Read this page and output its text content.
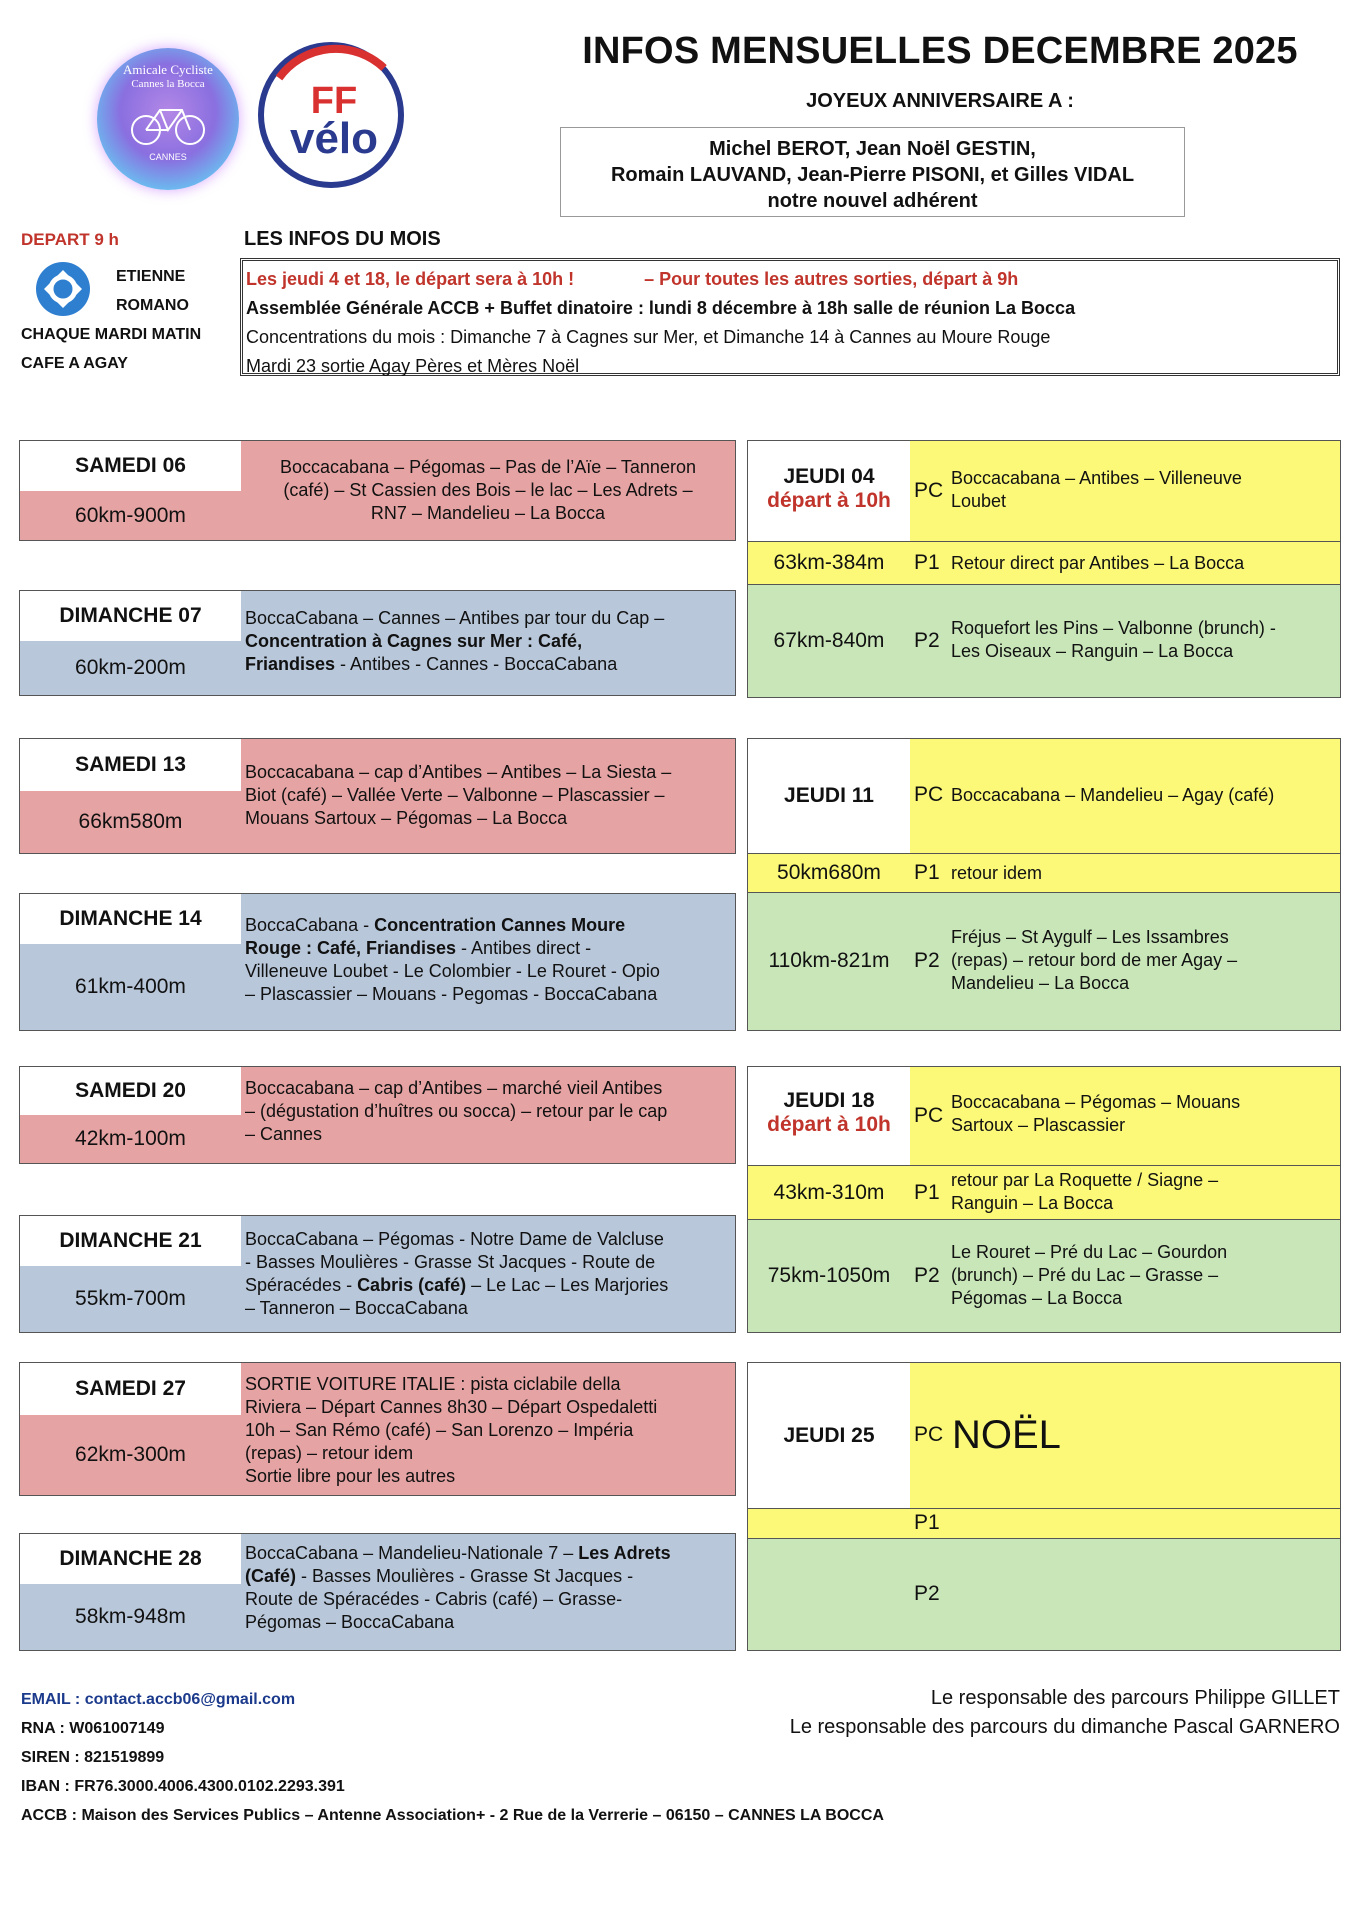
INFOS MENSUELLES DECEMBRE 2025
JOYEUX ANNIVERSAIRE A :
Michel BEROT, Jean Noël GESTIN,
Romain LAUVAND, Jean-Pierre PISONI, et Gilles VIDAL
notre nouvel adhérent
Amicale Cycliste
Cannes la Bocca
CANNES
FF
vélo
DEPART 9 h	LES INFOS DU MOIS
ETIENNE
ROMANO
CHAQUE MARDI MATIN
CAFE A AGAY
Les jeudi 4 et 18, le départ sera à 10h !	– Pour toutes les autres sorties, départ à 9h
Assemblée Générale ACCB + Buffet dinatoire : lundi 8 décembre à 18h salle de réunion La Bocca
Concentrations du mois : Dimanche 7 à Cagnes sur Mer, et Dimanche 14 à Cannes au Moure Rouge
Mardi 23 sortie Agay Pères et Mères Noël
SAMEDI 06
60km-900m
Boccacabana – Pégomas – Pas de l’Aïe – Tanneron
(café) – St Cassien des Bois – le lac – Les Adrets –
RN7 – Mandelieu – La Bocca
DIMANCHE 07
60km-200m
BoccaCabana – Cannes – Antibes par tour du Cap –
Concentration à Cagnes sur Mer : Café,
Friandises - Antibes - Cannes - BoccaCabana
SAMEDI 13
66km580m
Boccacabana – cap d’Antibes – Antibes – La Siesta –
Biot (café) – Vallée Verte – Valbonne – Plascassier –
Mouans Sartoux – Pégomas – La Bocca
DIMANCHE 14
61km-400m
BoccaCabana - Concentration Cannes Moure
Rouge : Café, Friandises - Antibes direct -
Villeneuve Loubet - Le Colombier - Le Rouret - Opio
– Plascassier – Mouans - Pegomas - BoccaCabana
SAMEDI 20
42km-100m
Boccacabana – cap d’Antibes – marché vieil Antibes
– (dégustation d’huîtres ou socca) – retour par le cap
– Cannes
DIMANCHE 21
55km-700m
BoccaCabana – Pégomas - Notre Dame de Valcluse
- Basses Moulières - Grasse St Jacques - Route de
Spéracédes - Cabris (café) – Le Lac – Les Marjories
– Tanneron – BoccaCabana
SAMEDI 27
62km-300m
SORTIE VOITURE ITALIE : pista ciclabile della
Riviera – Départ Cannes 8h30 – Départ Ospedaletti
10h – San Rémo (café) – San Lorenzo – Impéria
(repas) – retour idem
Sortie libre pour les autres
DIMANCHE 28
58km-948m
BoccaCabana – Mandelieu-Nationale 7 – Les Adrets
(Café) - Basses Moulières - Grasse St Jacques -
Route de Spéracédes - Cabris (café) – Grasse-
Pégomas – BoccaCabana
JEUDI 04
départ à 10h	PC
Boccacabana – Antibes – Villeneuve
Loubet
63km-384m	P1 Retour direct par Antibes – La Bocca
67km-840m	P2
Roquefort les Pins – Valbonne (brunch) -
Les Oiseaux – Ranguin – La Bocca
JEUDI 11	PC Boccacabana – Mandelieu – Agay (café)
50km680m	P1 retour idem
110km-821m	P2
Fréjus – St Aygulf – Les Issambres
(repas) – retour bord de mer Agay –
Mandelieu – La Bocca
JEUDI 18
départ à 10h	PC
Boccacabana – Pégomas – Mouans
Sartoux – Plascassier
43km-310m	P1
retour par La Roquette / Siagne –
Ranguin – La Bocca
75km-1050m	P2
Le Rouret – Pré du Lac – Gourdon
(brunch) – Pré du Lac – Grasse –
Pégomas – La Bocca
JEUDI 25	PC NOËL
P1
P2
EMAIL : contact.accb06@gmail.com
RNA : W061007149
SIREN : 821519899
IBAN : FR76.3000.4006.4300.0102.2293.391
ACCB : Maison des Services Publics – Antenne Association+ - 2 Rue de la Verrerie – 06150 – CANNES LA BOCCA
Le responsable des parcours Philippe GILLET
Le responsable des parcours du dimanche Pascal GARNERO
